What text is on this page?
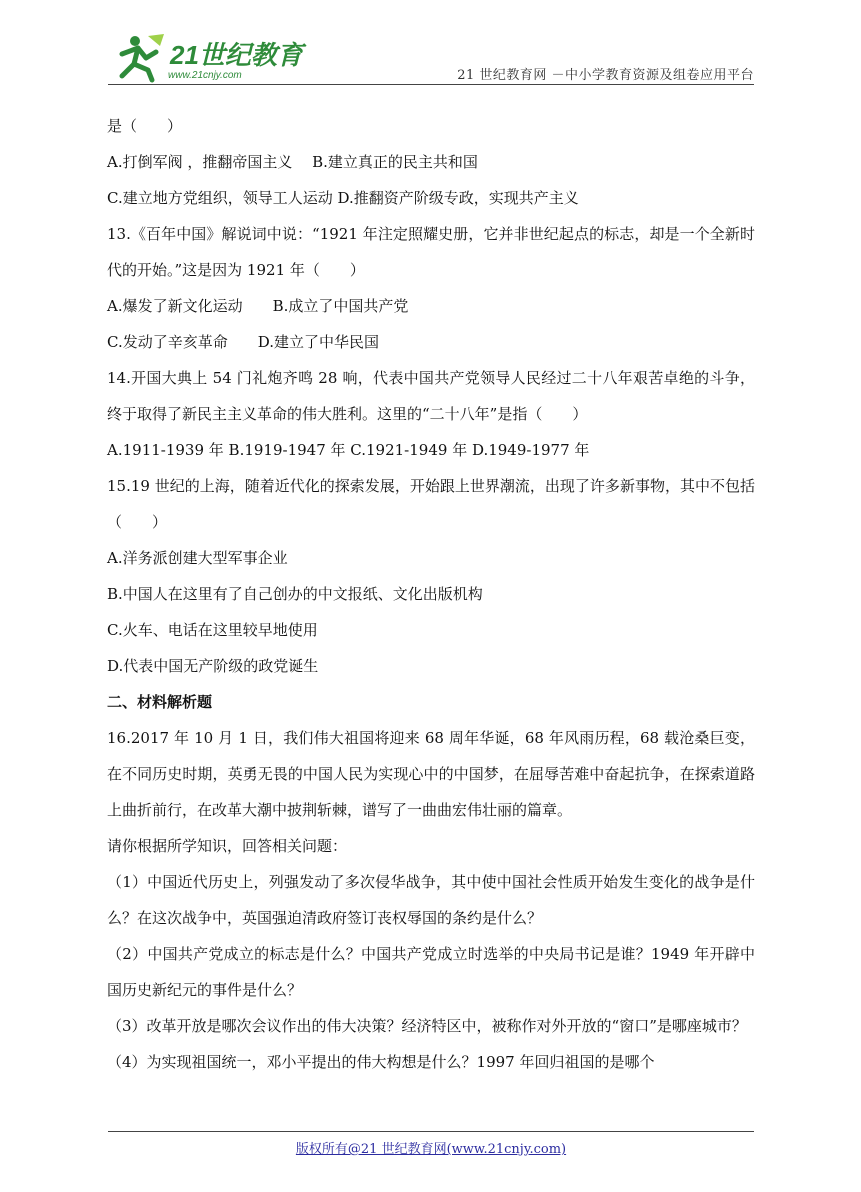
21世纪教育
www.21cnjy.com	21 世纪教育网 －中小学教育资源及组卷应用平台

是（　　）

A.打倒军阀 ，推翻帝国主义　 B.建立真正的民主共和国

C.建立地方党组织，领导工人运动 D.推翻资产阶级专政，实现共产主义

13.《百年中国》解说词中说：“1921 年注定照耀史册，它并非世纪起点的标志，却是一个全新时代的开始。”这是因为 1921 年（　　）

A.爆发了新文化运动　　B.成立了中国共产党

C.发动了辛亥革命　　D.建立了中华民国

14.开国大典上 54 门礼炮齐鸣 28 响，代表中国共产党领导人民经过二十八年艰苦卓绝的斗争，终于取得了新民主主义革命的伟大胜利。这里的“二十八年”是指（　　）

A.1911-1939 年 B.1919-1947 年 C.1921-1949 年 D.1949-1977 年

15.19 世纪的上海，随着近代化的探索发展，开始跟上世界潮流，出现了许多新事物，其中不包括（　　）

A.洋务派创建大型军事企业

B.中国人在这里有了自己创办的中文报纸、文化出版机构

C.火车、电话在这里较早地使用

D.代表中国无产阶级的政党诞生

二、材料解析题

16.2017 年 10 月 1 日，我们伟大祖国将迎来 68 周年华诞，68 年风雨历程，68 载沧桑巨变，在不同历史时期，英勇无畏的中国人民为实现心中的中国梦，在屈辱苦难中奋起抗争，在探索道路上曲折前行，在改革大潮中披荆斩棘，谱写了一曲曲宏伟壮丽的篇章。

请你根据所学知识，回答相关问题：

（1）中国近代历史上，列强发动了多次侵华战争，其中使中国社会性质开始发生变化的战争是什么？在这次战争中，英国强迫清政府签订丧权辱国的条约是什么？

（2）中国共产党成立的标志是什么？中国共产党成立时选举的中央局书记是谁？1949 年开辟中国历史新纪元的事件是什么？

（3）改革开放是哪次会议作出的伟大决策？经济特区中，被称作对外开放的“窗口”是哪座城市？

（4）为实现祖国统一，邓小平提出的伟大构想是什么？1997 年回归祖国的是哪个

版权所有@21 世纪教育网(www.21cnjy.com)
